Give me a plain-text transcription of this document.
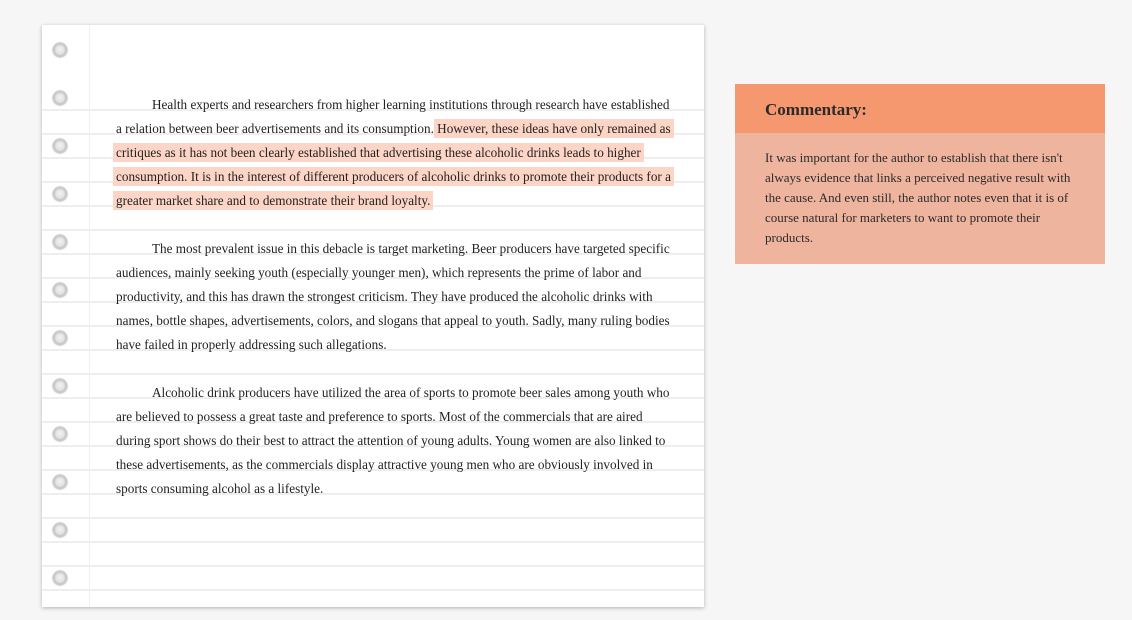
Health experts and researchers from higher learning institutions through research have established a relation between beer advertisements and its consumption. However, these ideas have only remained as critiques as it has not been clearly established that advertising these alcoholic drinks leads to higher consumption. It is in the interest of different producers of alcoholic drinks to promote their products for a greater market share and to demonstrate their brand loyalty.

The most prevalent issue in this debacle is target marketing. Beer producers have targeted specific audiences, mainly seeking youth (especially younger men), which represents the prime of labor and productivity, and this has drawn the strongest criticism. They have produced the alcoholic drinks with names, bottle shapes, advertisements, colors, and slogans that appeal to youth. Sadly, many ruling bodies have failed in properly addressing such allegations.

Alcoholic drink producers have utilized the area of sports to promote beer sales among youth who are believed to possess a great taste and preference to sports. Most of the commercials that are aired during sport shows do their best to attract the attention of young adults. Young women are also linked to these advertisements, as the commercials display attractive young men who are obviously involved in sports consuming alcohol as a lifestyle.

Commentary:
It was important for the author to establish that there isn't always evidence that links a perceived negative result with the cause. And even still, the author notes even that it is of course natural for marketers to want to promote their products.
